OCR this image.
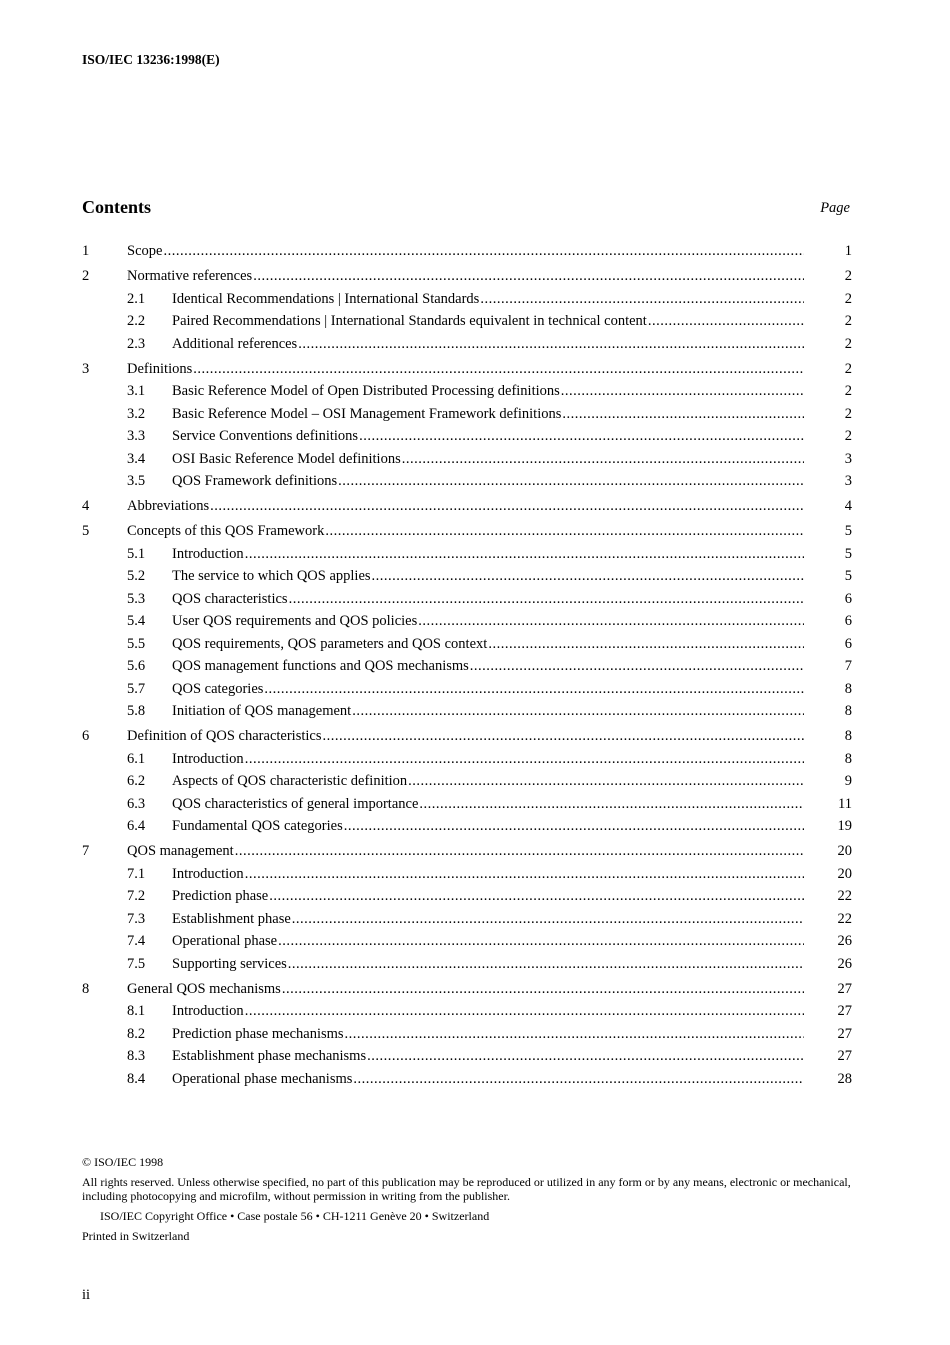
ISO/IEC 13236:1998(E)
Contents	Page
1	Scope .....	1
2	Normative references .....	2
2.1	Identical Recommendations | International Standards .....	2
2.2	Paired Recommendations | International Standards equivalent in technical content .....	2
2.3	Additional references .....	2
3	Definitions .....	2
3.1	Basic Reference Model of Open Distributed Processing definitions .....	2
3.2	Basic Reference Model – OSI Management Framework definitions .....	2
3.3	Service Conventions definitions .....	2
3.4	OSI Basic Reference Model definitions .....	3
3.5	QOS Framework definitions .....	3
4	Abbreviations .....	4
5	Concepts of this QOS Framework .....	5
5.1	Introduction .....	5
5.2	The service to which QOS applies .....	5
5.3	QOS characteristics .....	6
5.4	User QOS requirements and QOS policies .....	6
5.5	QOS requirements, QOS parameters and QOS context .....	6
5.6	QOS management functions and QOS mechanisms .....	7
5.7	QOS categories .....	8
5.8	Initiation of QOS management .....	8
6	Definition of QOS characteristics .....	8
6.1	Introduction .....	8
6.2	Aspects of QOS characteristic definition .....	9
6.3	QOS characteristics of general importance .....	11
6.4	Fundamental QOS categories .....	19
7	QOS management .....	20
7.1	Introduction .....	20
7.2	Prediction phase .....	22
7.3	Establishment phase .....	22
7.4	Operational phase .....	26
7.5	Supporting services .....	26
8	General QOS mechanisms .....	27
8.1	Introduction .....	27
8.2	Prediction phase mechanisms .....	27
8.3	Establishment phase mechanisms .....	27
8.4	Operational phase mechanisms .....	28
© ISO/IEC 1998
All rights reserved. Unless otherwise specified, no part of this publication may be reproduced or utilized in any form or by any means, electronic or mechanical, including photocopying and microfilm, without permission in writing from the publisher.
ISO/IEC Copyright Office • Case postale 56 • CH-1211 Genève 20 • Switzerland
Printed in Switzerland
ii
